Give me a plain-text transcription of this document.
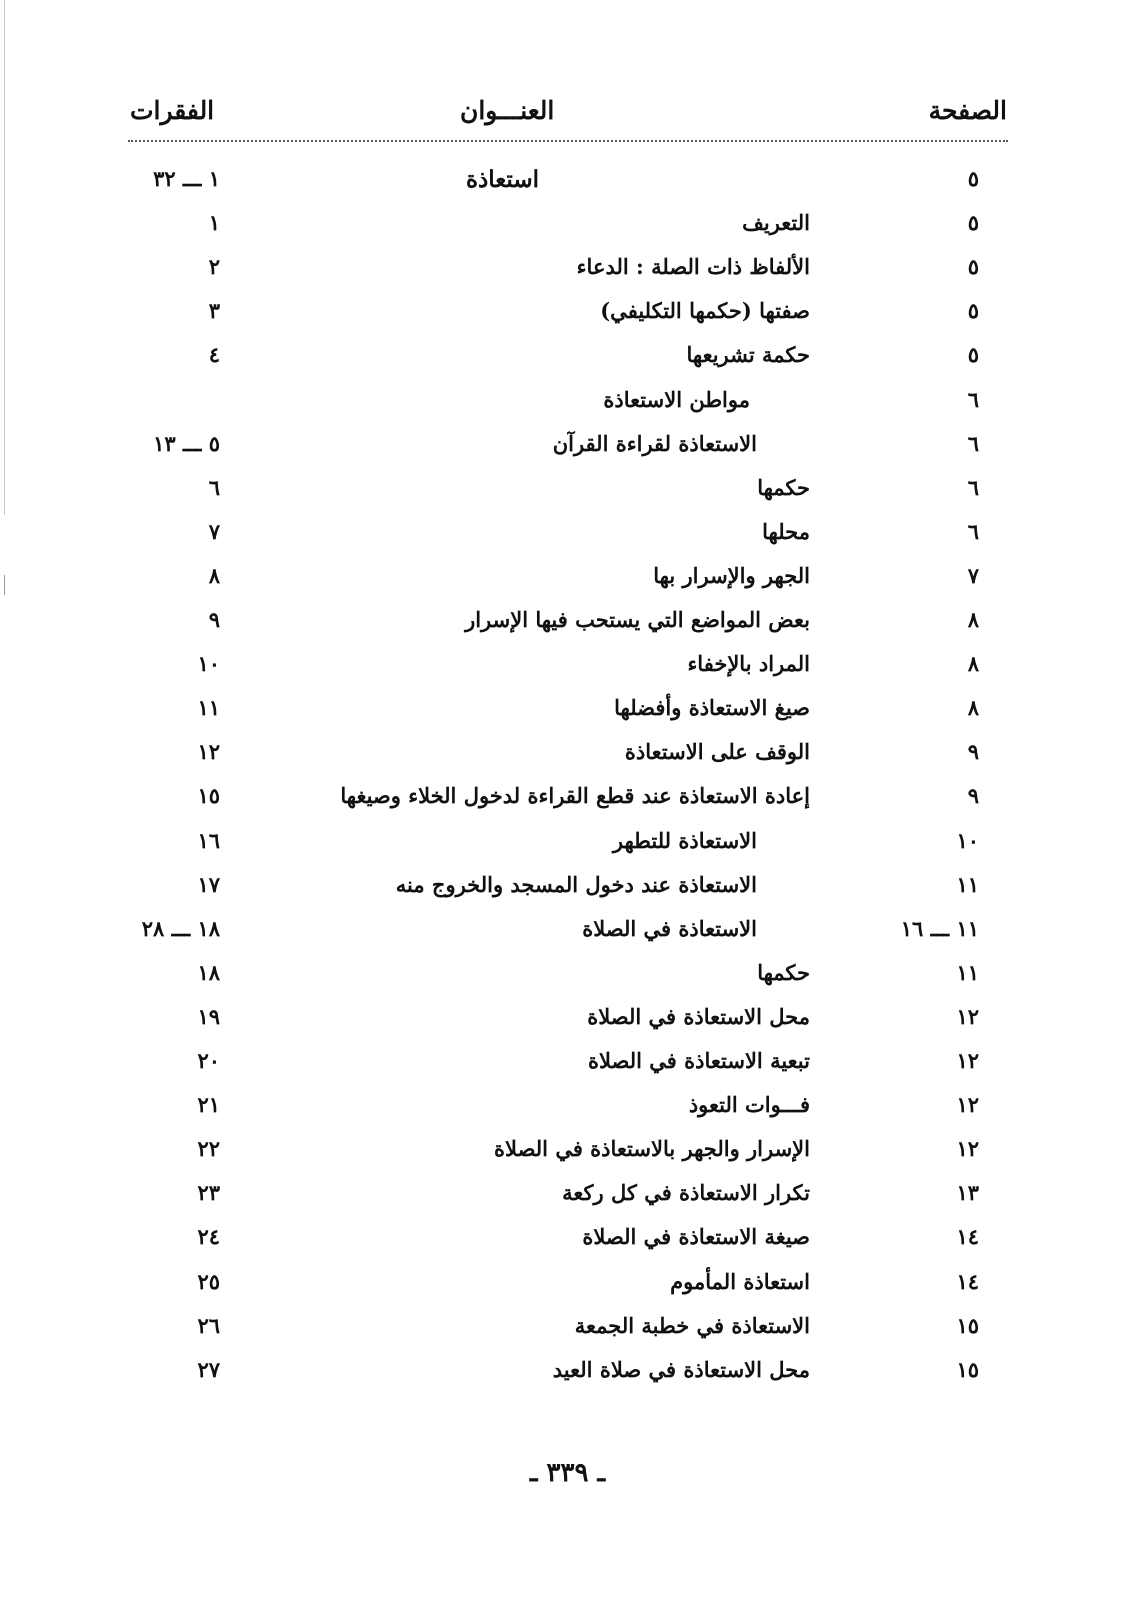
الصفحة
العنـــوان
الفقرات
٥
استعاذة
١ ـــ ٣٢
٥
التعريف
١
٥
الألفاظ ذات الصلة : الدعاء
٢
٥
صفتها (حكمها التكليفي)
٣
٥
حكمة تشريعها
٤
٦
مواطن الاستعاذة
٦
الاستعاذة لقراءة القرآن
٥ ـــ ١٣
٦
حكمها
٦
٦
محلها
٧
٧
الجهر والإسرار بها
٨
٨
بعض المواضع التي يستحب فيها الإسرار
٩
٨
المراد بالإخفاء
١٠
٨
صيغ الاستعاذة وأفضلها
١١
٩
الوقف على الاستعاذة
١٢
٩
إعادة الاستعاذة عند قطع القراءة لدخول الخلاء وصيغها
١٥
١٠
الاستعاذة للتطهر
١٦
١١
الاستعاذة عند دخول المسجد والخروج منه
١٧
١١ ـــ ١٦
الاستعاذة في الصلاة
١٨ ـــ ٢٨
١١
حكمها
١٨
١٢
محل الاستعاذة في الصلاة
١٩
١٢
تبعية الاستعاذة في الصلاة
٢٠
١٢
فـــوات التعوذ
٢١
١٢
الإسرار والجهر بالاستعاذة في الصلاة
٢٢
١٣
تكرار الاستعاذة في كل ركعة
٢٣
١٤
صيغة الاستعاذة في الصلاة
٢٤
١٤
استعاذة المأموم
٢٥
١٥
الاستعاذة في خطبة الجمعة
٢٦
١٥
محل الاستعاذة في صلاة العيد
٢٧
ـ ٣٣٩ ـ
